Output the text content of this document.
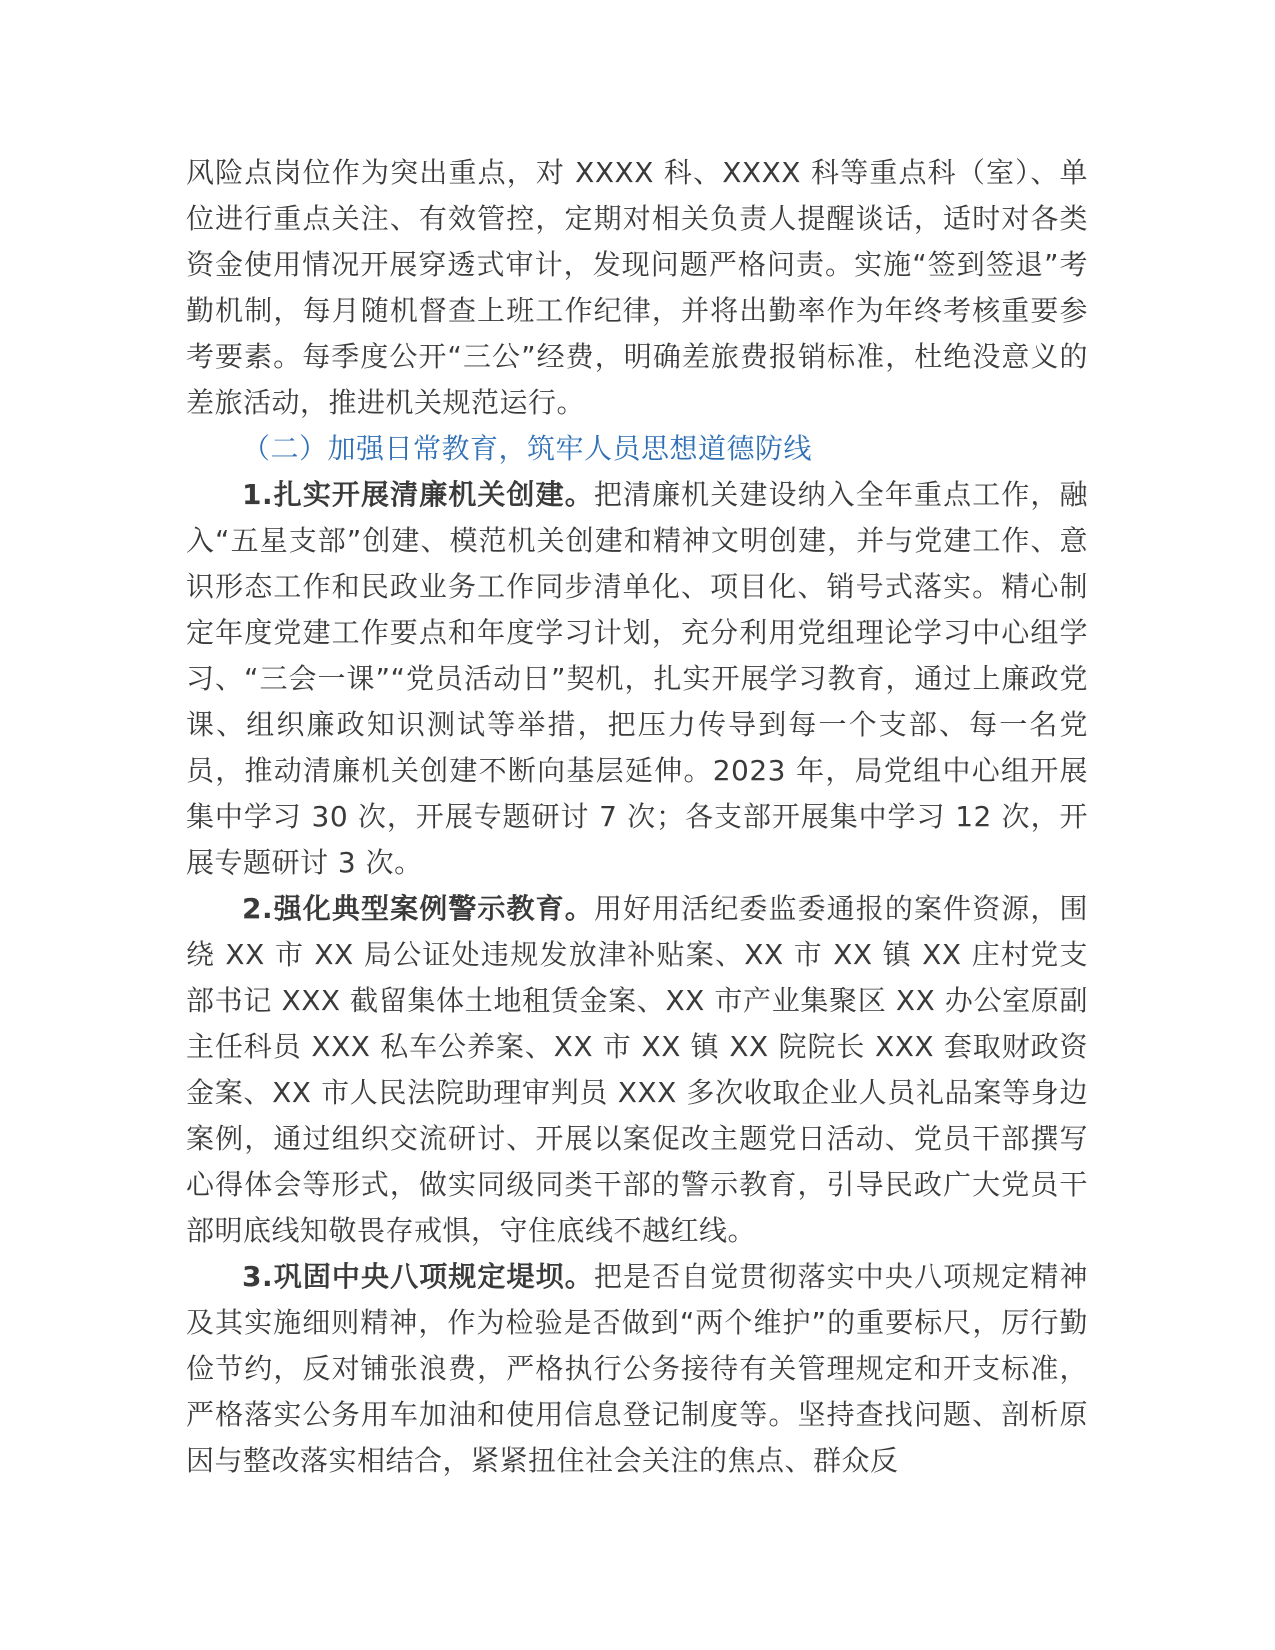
风险点岗位作为突出重点，对 XXXX 科、XXXX 科等重点科（室）、单位进行重点关注、有效管控，定期对相关负责人提醒谈话，适时对各类资金使用情况开展穿透式审计，发现问题严格问责。实施“签到签退”考勤机制，每月随机督查上班工作纪律，并将出勤率作为年终考核重要参考要素。每季度公开“三公”经费，明确差旅费报销标准，杜绝没意义的差旅活动，推进机关规范运行。

（二）加强日常教育，筑牢人员思想道德防线

1.扎实开展清廉机关创建。把清廉机关建设纳入全年重点工作，融入“五星支部”创建、模范机关创建和精神文明创建，并与党建工作、意识形态工作和民政业务工作同步清单化、项目化、销号式落实。精心制定年度党建工作要点和年度学习计划，充分利用党组理论学习中心组学习、“三会一课”“党员活动日”契机，扎实开展学习教育，通过上廉政党课、组织廉政知识测试等举措，把压力传导到每一个支部、每一名党员，推动清廉机关创建不断向基层延伸。2023 年，局党组中心组开展集中学习 30 次，开展专题研讨 7 次；各支部开展集中学习 12 次，开展专题研讨 3 次。

2.强化典型案例警示教育。用好用活纪委监委通报的案件资源，围绕 XX 市 XX 局公证处违规发放津补贴案、XX 市 XX 镇 XX 庄村党支部书记 XXX 截留集体土地租赁金案、XX 市产业集聚区 XX 办公室原副主任科员 XXX 私车公养案、XX 市 XX 镇 XX 院院长 XXX 套取财政资金案、XX 市人民法院助理审判员 XXX 多次收取企业人员礼品案等身边案例，通过组织交流研讨、开展以案促改主题党日活动、党员干部撰写心得体会等形式，做实同级同类干部的警示教育，引导民政广大党员干部明底线知敬畏存戒惧，守住底线不越红线。

3.巩固中央八项规定堤坝。把是否自觉贯彻落实中央八项规定精神及其实施细则精神，作为检验是否做到“两个维护”的重要标尺，厉行勤俭节约，反对铺张浪费，严格执行公务接待有关管理规定和开支标准，严格落实公务用车加油和使用信息登记制度等。坚持查找问题、剖析原因与整改落实相结合，紧紧扭住社会关注的焦点、群众反
